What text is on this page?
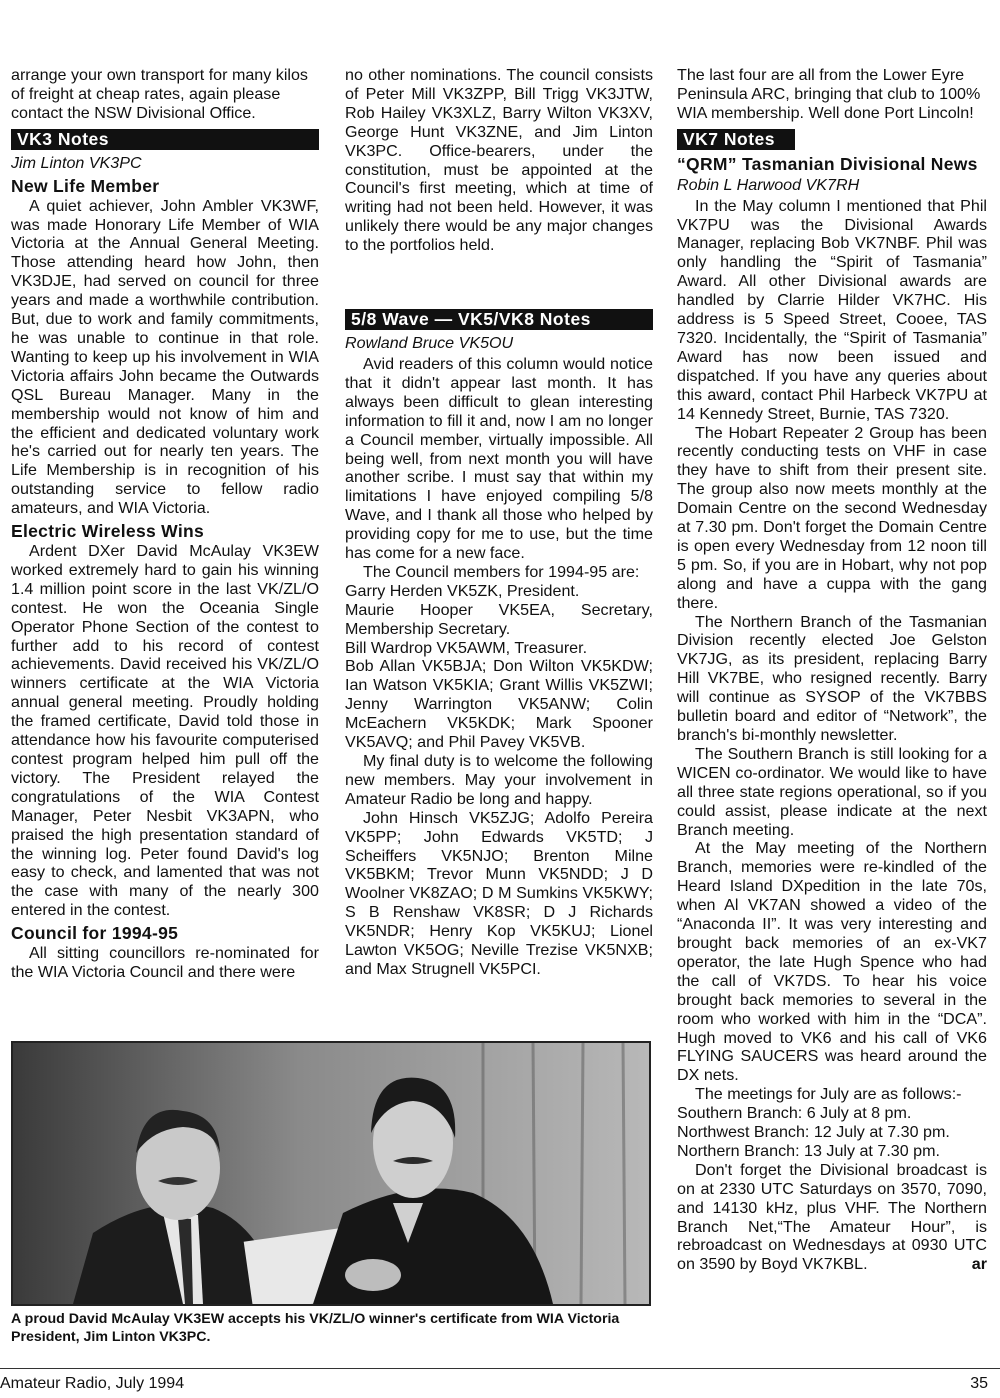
arrange your own transport for many kilos of freight at cheap rates, again please contact the NSW Divisional Office.

VK3 Notes
Jim Linton VK3PC
New Life Member

A quiet achiever, John Ambler VK3WF, was made Honorary Life Member of WIA Victoria at the Annual General Meeting. Those attending heard how John, then VK3DJE, had served on council for three years and made a worthwhile contribution. But, due to work and family commitments, he was unable to continue in that role. Wanting to keep up his involvement in WIA Victoria affairs John became the Outwards QSL Bureau Manager. Many in the membership would not know of him and the efficient and dedicated voluntary work he's carried out for nearly ten years. The Life Membership is in recognition of his outstanding service to fellow radio amateurs, and WIA Victoria.

Electric Wireless Wins

Ardent DXer David McAulay VK3EW worked extremely hard to gain his winning 1.4 million point score in the last VK/ZL/O contest. He won the Oceania Single Operator Phone Section of the contest to further add to his record of contest achievements. David received his VK/ZL/O winners certificate at the WIA Victoria annual general meeting. Proudly holding the framed certificate, David told those in attendance how his favourite computerised contest program helped him pull off the victory. The President relayed the congratulations of the WIA Contest Manager, Peter Nesbit VK3APN, who praised the high presentation standard of the winning log. Peter found David's log easy to check, and lamented that was not the case with many of the nearly 300 entered in the contest.

Council for 1994-95

All sitting councillors re-nominated for the WIA Victoria Council and there were

no other nominations. The council consists of Peter Mill VK3ZPP, Bill Trigg VK3JTW, Rob Hailey VK3XLZ, Barry Wilton VK3XV, George Hunt VK3ZNE, and Jim Linton VK3PC. Office-bearers, under the constitution, must be appointed at the Council's first meeting, which at time of writing had not been held. However, it was unlikely there would be any major changes to the portfolios held.

5/8 Wave — VK5/VK8 Notes
Rowland Bruce VK5OU

Avid readers of this column would notice that it didn't appear last month. It has always been difficult to glean interesting information to fill it and, now I am no longer a Council member, virtually impossible. All being well, from next month you will have another scribe. I must say that within my limitations I have enjoyed compiling 5/8 Wave, and I thank all those who helped by providing copy for me to use, but the time has come for a new face.

The Council members for 1994-95 are:

Garry Herden VK5ZK, President.

Maurie Hooper VK5EA, Secretary, Membership Secretary.

Bill Wardrop VK5AWM, Treasurer.

Bob Allan VK5BJA; Don Wilton VK5KDW; Ian Watson VK5KIA; Grant Willis VK5ZWI; Jenny Warrington VK5ANW; Colin McEachern VK5KDK; Mark Spooner VK5AVQ; and Phil Pavey VK5VB.

My final duty is to welcome the following new members. May your involvement in Amateur Radio be long and happy.

John Hinsch VK5ZJG; Adolfo Pereira VK5PP; John Edwards VK5TD; J Scheiffers VK5NJO; Brenton Milne VK5BKM; Trevor Munn VK5NDD; J D Woolner VK8ZAO; D M Sumkins VK5KWY; S B Renshaw VK8SR; D J Richards VK5NDR; Henry Kop VK5KUJ; Lionel Lawton VK5OG; Neville Trezise VK5NXB; and Max Strugnell VK5PCI.

The last four are all from the Lower Eyre Peninsula ARC, bringing that club to 100% WIA membership. Well done Port Lincoln!

VK7 Notes
“QRM” Tasmanian Divisional News
Robin L Harwood VK7RH

In the May column I mentioned that Phil VK7PU was the Divisional Awards Manager, replacing Bob VK7NBF. Phil was only handling the “Spirit of Tasmania” Award. All other Divisional awards are handled by Clarrie Hilder VK7HC. His address is 5 Speed Street, Cooee, TAS 7320. Incidentally, the “Spirit of Tasmania” Award has now been issued and dispatched. If you have any queries about this award, contact Phil Harbeck VK7PU at 14 Kennedy Street, Burnie, TAS 7320.

The Hobart Repeater 2 Group has been recently conducting tests on VHF in case they have to shift from their present site. The group also now meets monthly at the Domain Centre on the second Wednesday at 7.30 pm. Don't forget the Domain Centre is open every Wednesday from 12 noon till 5 pm. So, if you are in Hobart, why not pop along and have a cuppa with the gang there.

The Northern Branch of the Tasmanian Division recently elected Joe Gelston VK7JG, as its president, replacing Barry Hill VK7BE, who resigned recently. Barry will continue as SYSOP of the VK7BBS bulletin board and editor of “Network”, the branch's bi-monthly newsletter.

The Southern Branch is still looking for a WICEN co-ordinator. We would like to have all three state regions operational, so if you could assist, please indicate at the next Branch meeting.

At the May meeting of the Northern Branch, memories were re-kindled of the Heard Island DXpedition in the late 70s, when Al VK7AN showed a video of the “Anaconda II”. It was very interesting and brought back memories of an ex-VK7 operator, the late Hugh Spence who had the call of VK7DS. To hear his voice brought back memories to several in the room who worked with him in the “DCA”. Hugh moved to VK6 and his call of VK6 FLYING SAUCERS was heard around the DX nets.

The meetings for July are as follows:-

Southern Branch: 6 July at 8 pm.

Northwest Branch: 12 July at 7.30 pm.

Northern Branch: 13 July at 7.30 pm.

Don't forget the Divisional broadcast is on at 2330 UTC Saturdays on 3570, 7090, and 14130 kHz, plus VHF. The Northern Branch Net,“The Amateur Hour”, is rebroadcast on Wednesdays at 0930 UTC on 3590 by Boyd VK7KBL.	ar

A proud David McAulay VK3EW accepts his VK/ZL/O winner's certificate from WIA Victoria President, Jim Linton VK3PC.
Amateur Radio, July 1994	35
